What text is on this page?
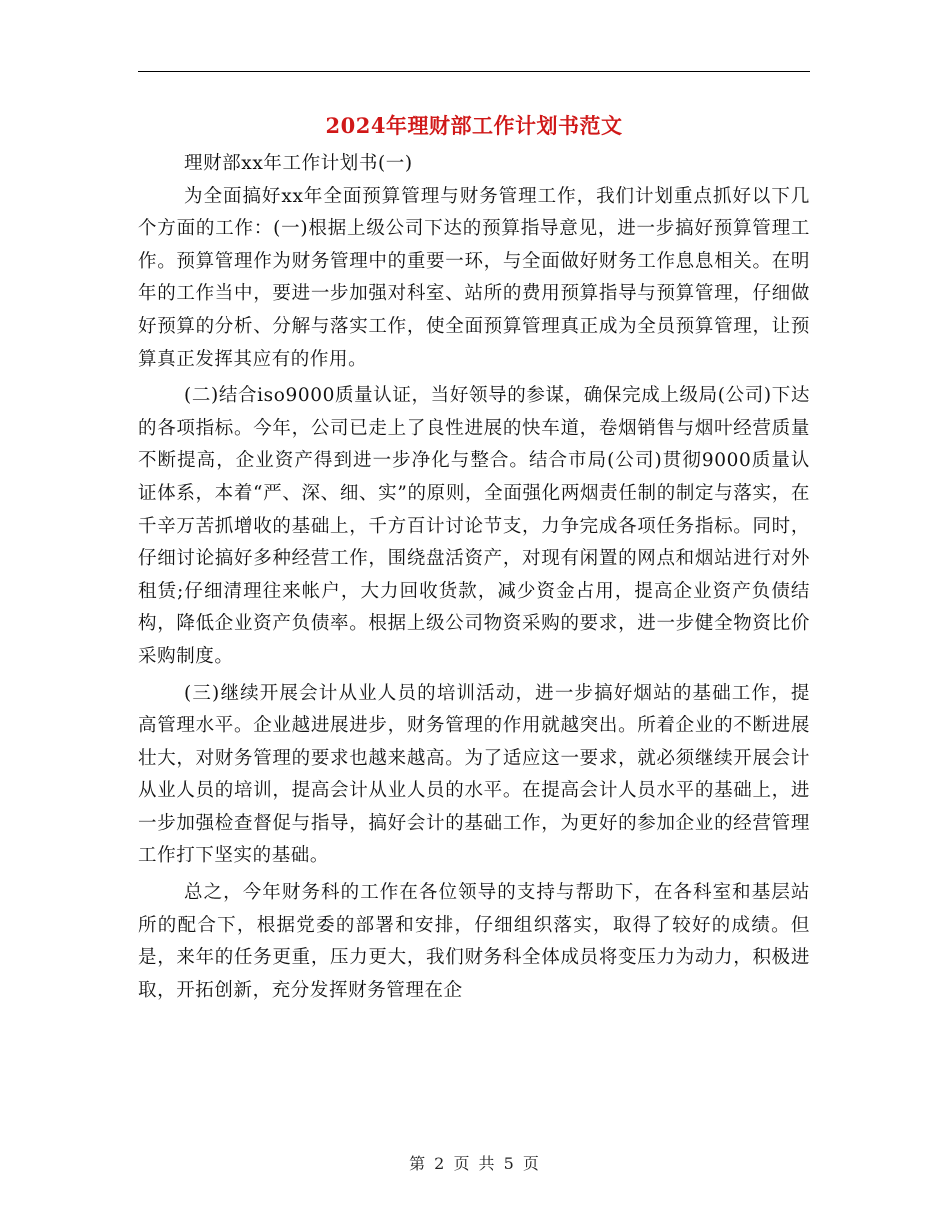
2024年理财部工作计划书范文

理财部xx年工作计划书(一)

为全面搞好xx年全面预算管理与财务管理工作，我们计划重点抓好以下几个方面的工作：(一)根据上级公司下达的预算指导意见，进一步搞好预算管理工作。预算管理作为财务管理中的重要一环，与全面做好财务工作息息相关。在明年的工作当中，要进一步加强对科室、站所的费用预算指导与预算管理，仔细做好预算的分析、分解与落实工作，使全面预算管理真正成为全员预算管理，让预算真正发挥其应有的作用。

(二)结合iso9000质量认证，当好领导的参谋，确保完成上级局(公司)下达的各项指标。今年，公司已走上了良性进展的快车道，卷烟销售与烟叶经营质量不断提高，企业资产得到进一步净化与整合。结合市局(公司)贯彻9000质量认证体系，本着“严、深、细、实”的原则，全面强化两烟责任制的制定与落实，在千辛万苦抓增收的基础上，千方百计讨论节支，力争完成各项任务指标。同时，仔细讨论搞好多种经营工作，围绕盘活资产，对现有闲置的网点和烟站进行对外租赁;仔细清理往来帐户，大力回收货款，减少资金占用，提高企业资产负债结构，降低企业资产负债率。根据上级公司物资采购的要求，进一步健全物资比价采购制度。

(三)继续开展会计从业人员的培训活动，进一步搞好烟站的基础工作，提高管理水平。企业越进展进步，财务管理的作用就越突出。所着企业的不断进展壮大，对财务管理的要求也越来越高。为了适应这一要求，就必须继续开展会计从业人员的培训，提高会计从业人员的水平。在提高会计人员水平的基础上，进一步加强检查督促与指导，搞好会计的基础工作，为更好的参加企业的经营管理工作打下坚实的基础。

总之，今年财务科的工作在各位领导的支持与帮助下，在各科室和基层站所的配合下，根据党委的部署和安排，仔细组织落实，取得了较好的成绩。但是，来年的任务更重，压力更大，我们财务科全体成员将变压力为动力，积极进取，开拓创新，充分发挥财务管理在企

第 2 页 共 5 页
